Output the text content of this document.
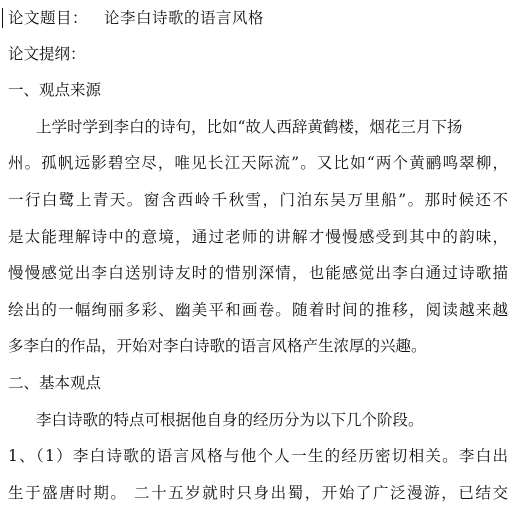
论文题目： 论李白诗歌的语言风格
论文提纲：
一、观点来源
上学时学到李白的诗句，比如“故人西辞黄鹤楼，烟花三月下扬
州。孤帆远影碧空尽，唯见长江天际流”。又比如“两个黄鹂鸣翠柳，
一行白鹭上青天。窗含西岭千秋雪，门泊东吴万里船”。那时候还不
是太能理解诗中的意境，通过老师的讲解才慢慢感受到其中的韵味，
慢慢感觉出李白送别诗友时的惜别深情，也能感觉出李白通过诗歌描
绘出的一幅绚丽多彩、幽美平和画卷。随着时间的推移，阅读越来越
多李白的作品，开始对李白诗歌的语言风格产生浓厚的兴趣。
二、基本观点
李白诗歌的特点可根据他自身的经历分为以下几个阶段。
1、（1）李白诗歌的语言风格与他个人一生的经历密切相关。李白出
生于盛唐时期。 二十五岁就时只身出蜀，开始了广泛漫游，已结交
